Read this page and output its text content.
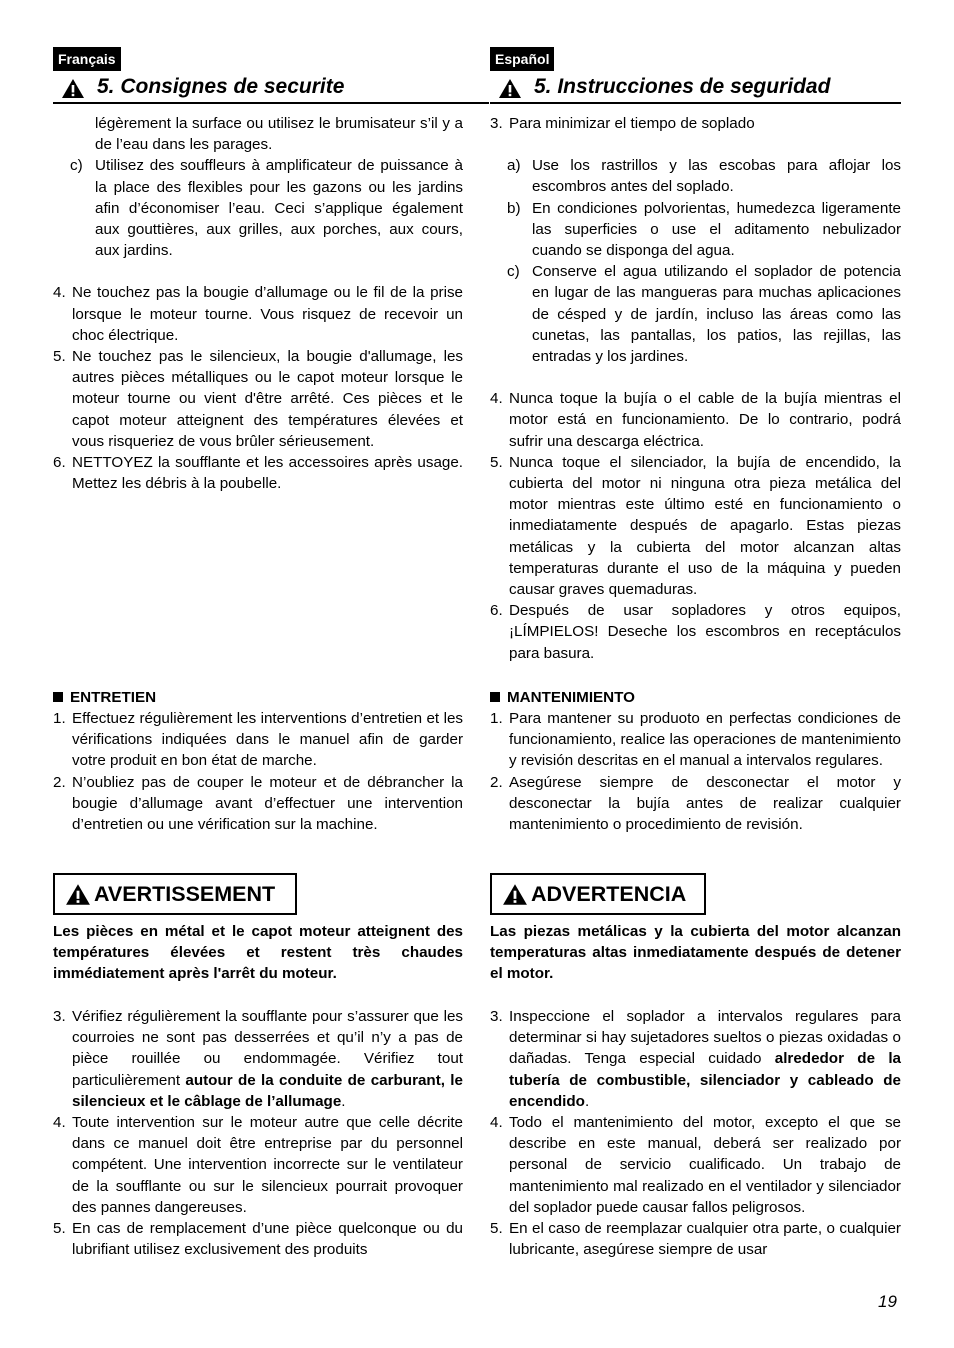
Français
5. Consignes de securite

légèrement la surface ou utilisez le brumisateur s’il y a de l’eau dans les parages.

c) Utilisez des souffleurs à amplificateur de puissance à la place des flexibles pour les gazons ou les jardins afin d’économiser l’eau. Ceci s’applique également aux gouttières, aux grilles, aux porches, aux cours, aux jardins.
4. Ne touchez pas la bougie d’allumage ou le fil de la prise lorsque le moteur tourne. Vous risquez de recevoir un choc électrique.
5. Ne touchez pas le silencieux, la bougie d'allumage, les autres pièces métalliques ou le capot moteur lorsque le moteur tourne ou vient d'être arrêté. Ces pièces et le capot moteur atteignent des températures élevées et vous risqueriez de vous brûler sérieusement.
6. NETTOYEZ la soufflante et les accessoires après usage. Mettez les débris à la poubelle.
ENTRETIEN
1. Effectuez régulièrement les interventions d’entretien et les vérifications indiquées dans le manuel afin de garder votre produit en bon état de marche.
2. N’oubliez pas de couper le moteur et de débrancher la bougie d’allumage avant d’effectuer une intervention d’entretien ou une vérification sur la machine.
AVERTISSEMENT
Les pièces en métal et le capot moteur atteignent des températures élevées et restent très chaudes immédiatement après l'arrêt du moteur.
3. Vérifiez régulièrement la soufflante pour s’assurer que les courroies ne sont pas desserrées et qu’il n’y a pas de pièce rouillée ou endommagée. Vérifiez tout particulièrement autour de la conduite de carburant, le silencieux et le câblage de l’allumage.
4. Toute intervention sur le moteur autre que celle décrite dans ce manuel doit être entreprise par du personnel compétent. Une intervention incorrecte sur le ventilateur de la soufflante ou sur le silencieux pourrait provoquer des pannes dangereuses.
5. En cas de remplacement d’une pièce quelconque ou du lubrifiant utilisez exclusivement des produits
Español
5. Instrucciones de seguridad
3. Para minimizar el tiempo de soplado
a) Use los rastrillos y las escobas para aflojar los escombros antes del soplado.
b) En condiciones polvorientas, humedezca ligeramente las superficies o use el aditamento nebulizador cuando se disponga del agua.
c) Conserve el agua utilizando el soplador de potencia en lugar de las mangueras para muchas aplicaciones de césped y de jardín, incluso las áreas como las cunetas, las pantallas, los patios, las rejillas, las entradas y los jardines.
4. Nunca toque la bujía o el cable de la bujía mientras el motor está en funcionamiento. De lo contrario, podrá sufrir una descarga eléctrica.
5. Nunca toque el silenciador, la bujía de encendido, la cubierta del motor ni ninguna otra pieza metálica del motor mientras este último esté en funcionamiento o inmediatamente después de apagarlo. Estas piezas metálicas y la cubierta del motor alcanzan altas temperaturas durante el uso de la máquina y pueden causar graves quemaduras.
6. Después de usar sopladores y otros equipos, ¡LÍMPIELOS! Deseche los escombros en receptáculos para basura.
MANTENIMIENTO
1. Para mantener su produoto en perfectas condiciones de funcionamiento, realice las operaciones de mantenimiento y revisión descritas en el manual a intervalos regulares.
2. Asegúrese siempre de desconectar el motor y desconectar la bujía antes de realizar cualquier mantenimiento o procedimiento de revisión.
ADVERTENCIA
Las piezas metálicas y la cubierta del motor alcanzan temperaturas altas inmediatamente después de detener el motor.
3. Inspeccione el soplador a intervalos regulares para determinar si hay sujetadores sueltos o piezas oxidadas o dañadas. Tenga especial cuidado alrededor de la tubería de combustible, silenciador y cableado de encendido.
4. Todo el mantenimiento del motor, excepto el que se describe en este manual, deberá ser realizado por personal de servicio cualificado. Un trabajo de mantenimiento mal realizado en el ventilador y silenciador del soplador puede causar fallos peligrosos.
5. En el caso de reemplazar cualquier otra parte, o cualquier lubricante, asegúrese siempre de usar
19
